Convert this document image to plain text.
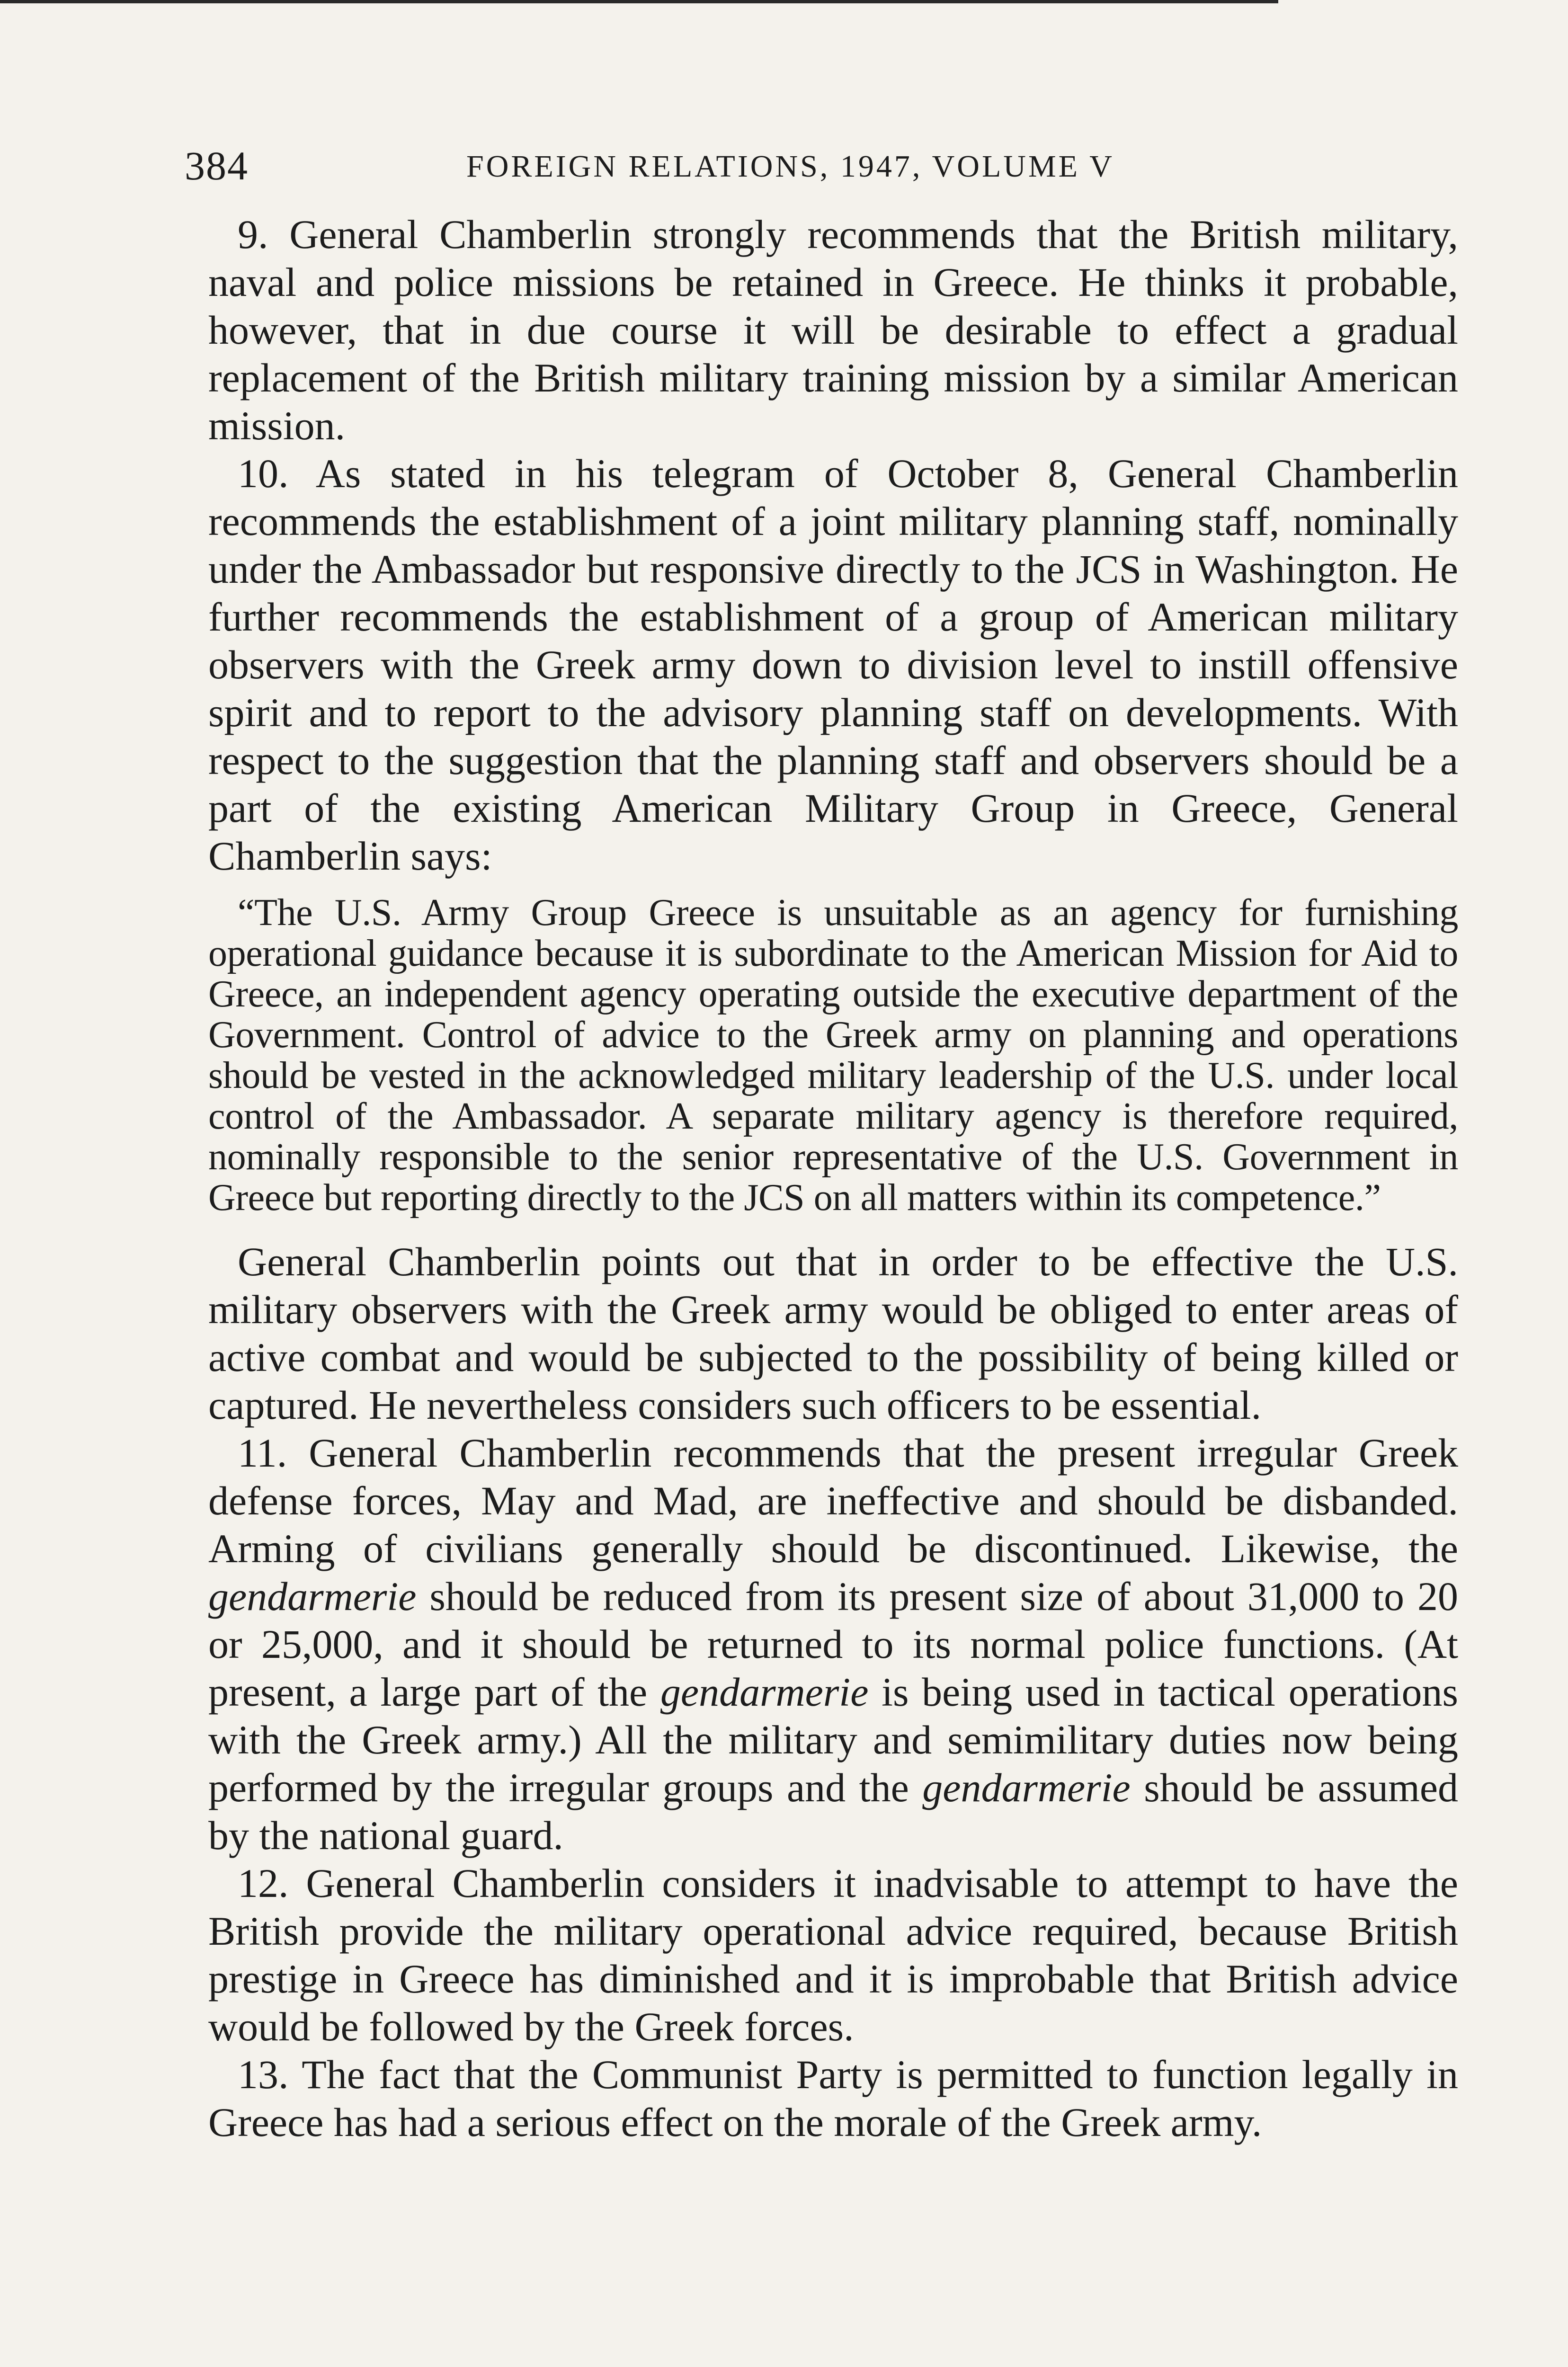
384	FOREIGN RELATIONS, 1947, VOLUME V

9. General Chamberlin strongly recommends that the British military, naval and police missions be retained in Greece. He thinks it probable, however, that in due course it will be desirable to effect a gradual replacement of the British military training mission by a similar American mission.

10. As stated in his telegram of October 8, General Chamberlin recommends the establishment of a joint military planning staff, nominally under the Ambassador but responsive directly to the JCS in Washington. He further recommends the establishment of a group of American military observers with the Greek army down to division level to instill offensive spirit and to report to the advisory planning staff on developments. With respect to the suggestion that the planning staff and observers should be a part of the existing American Military Group in Greece, General Chamberlin says:

“The U.S. Army Group Greece is unsuitable as an agency for furnishing operational guidance because it is subordinate to the American Mission for Aid to Greece, an independent agency operating outside the executive department of the Government. Control of advice to the Greek army on planning and operations should be vested in the acknowledged military leadership of the U.S. under local control of the Ambassador. A separate military agency is therefore required, nominally responsible to the senior representative of the U.S. Government in Greece but reporting directly to the JCS on all matters within its competence.”

General Chamberlin points out that in order to be effective the U.S. military observers with the Greek army would be obliged to enter areas of active combat and would be subjected to the possibility of being killed or captured. He nevertheless considers such officers to be essential.

11. General Chamberlin recommends that the present irregular Greek defense forces, May and Mad, are ineffective and should be disbanded. Arming of civilians generally should be discontinued. Likewise, the gendarmerie should be reduced from its present size of about 31,000 to 20 or 25,000, and it should be returned to its normal police functions. (At present, a large part of the gendarmerie is being used in tactical operations with the Greek army.) All the military and semimilitary duties now being performed by the irregular groups and the gendarmerie should be assumed by the national guard.

12. General Chamberlin considers it inadvisable to attempt to have the British provide the military operational advice required, because British prestige in Greece has diminished and it is improbable that British advice would be followed by the Greek forces.

13. The fact that the Communist Party is permitted to function legally in Greece has had a serious effect on the morale of the Greek army.
